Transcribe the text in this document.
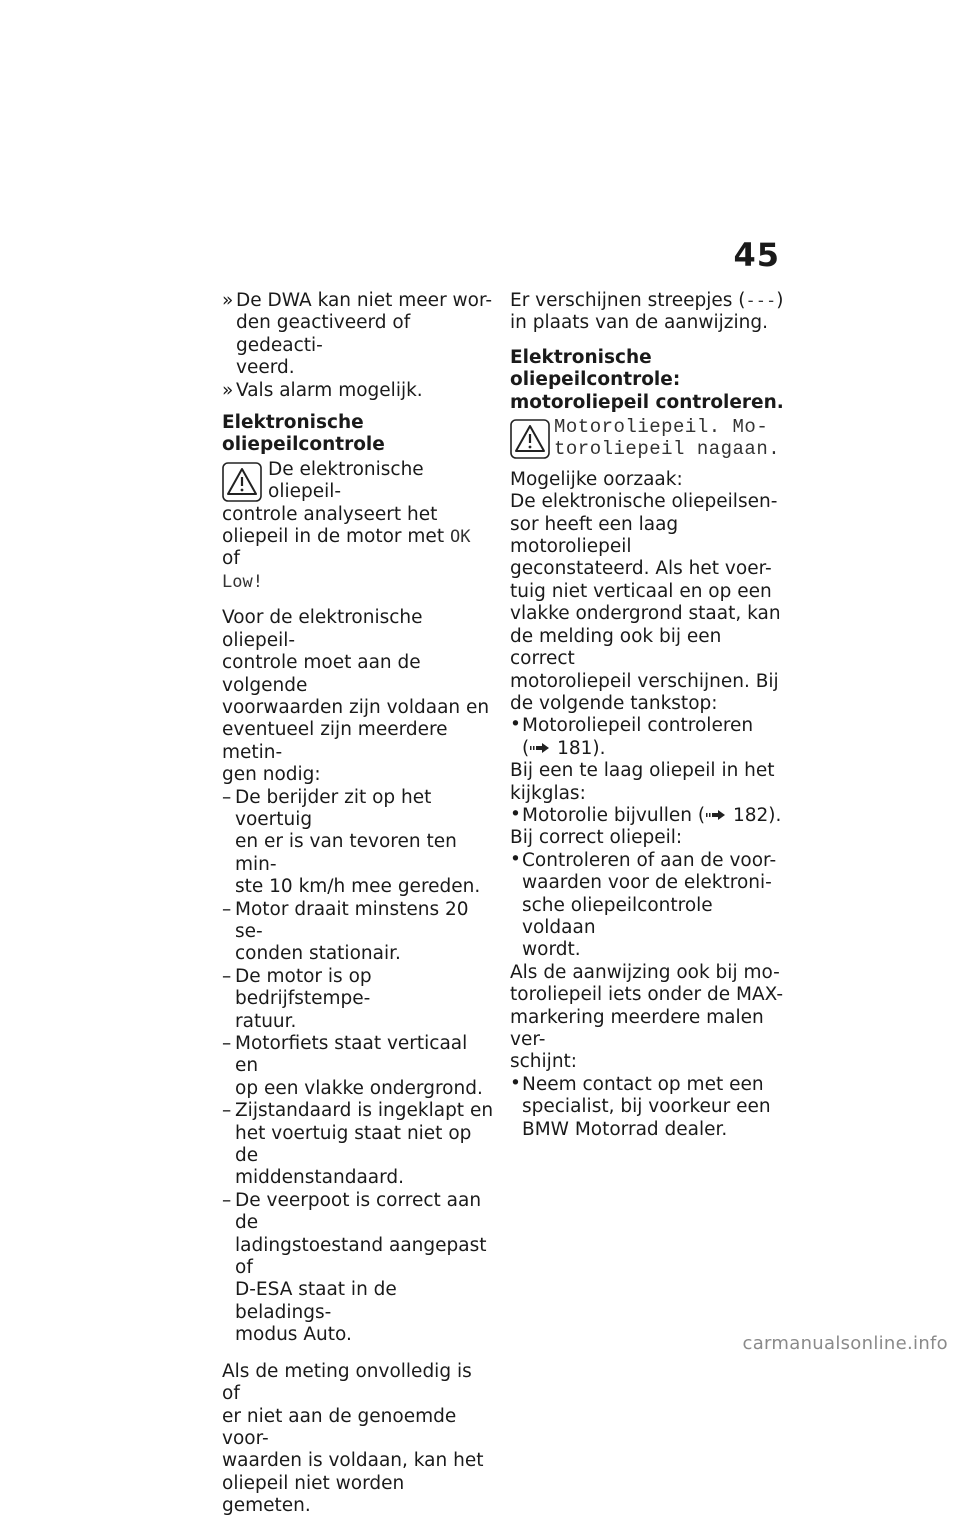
45
» De DWA kan niet meer wor-
den geactiveerd of gedeacti-
veerd.

» Vals alarm mogelijk.

Elektronische oliepeilcontrole

De elektronische oliepeil-

controle analyseert het

oliepeil in de motor met OK of

Low!

Voor de elektronische oliepeil-
controle moet aan de volgende
voorwaarden zijn voldaan en
eventueel zijn meerdere metin-
gen nodig:

– De berijder zit op het voertuig
en er is van tevoren ten min-
ste 10 km/h mee gereden.

– Motor draait minstens 20 se-
conden stationair.

– De motor is op bedrijfstempe-
ratuur.

– Motorfiets staat verticaal en
op een vlakke ondergrond.

– Zijstandaard is ingeklapt en
het voertuig staat niet op de
middenstandaard.

– De veerpoot is correct aan de
ladingstoestand aangepast of
D-ESA staat in de beladings-
modus Auto.

Als de meting onvolledig is of
er niet aan de genoemde voor-
waarden is voldaan, kan het
oliepeil niet worden gemeten.

Er verschijnen streepjes (---)

in plaats van de aanwijzing.

Elektronische oliepeilcontrole:

motoroliepeil controleren.

Motoroliepeil. Mo-

toroliepeil nagaan.

Mogelijke oorzaak:

De elektronische oliepeilsen-
sor heeft een laag motoroliepeil
geconstateerd. Als het voer-
tuig niet verticaal en op een
vlakke ondergrond staat, kan
de melding ook bij een correct
motoroliepeil verschijnen. Bij
de volgende tankstop:

• Motoroliepeil controleren

( 181).

Bij een te laag oliepeil in het
kijkglas:

• Motorolie bijvullen ( 182).

Bij correct oliepeil:

• Controleren of aan de voor-
waarden voor de elektroni-
sche oliepeilcontrole voldaan
wordt.

Als de aanwijzing ook bij mo-
toroliepeil iets onder de MAX-
markering meerdere malen ver-
schijnt:

• Neem contact op met een
specialist, bij voorkeur een
BMW Motorrad dealer.

carmanualsonline.info
